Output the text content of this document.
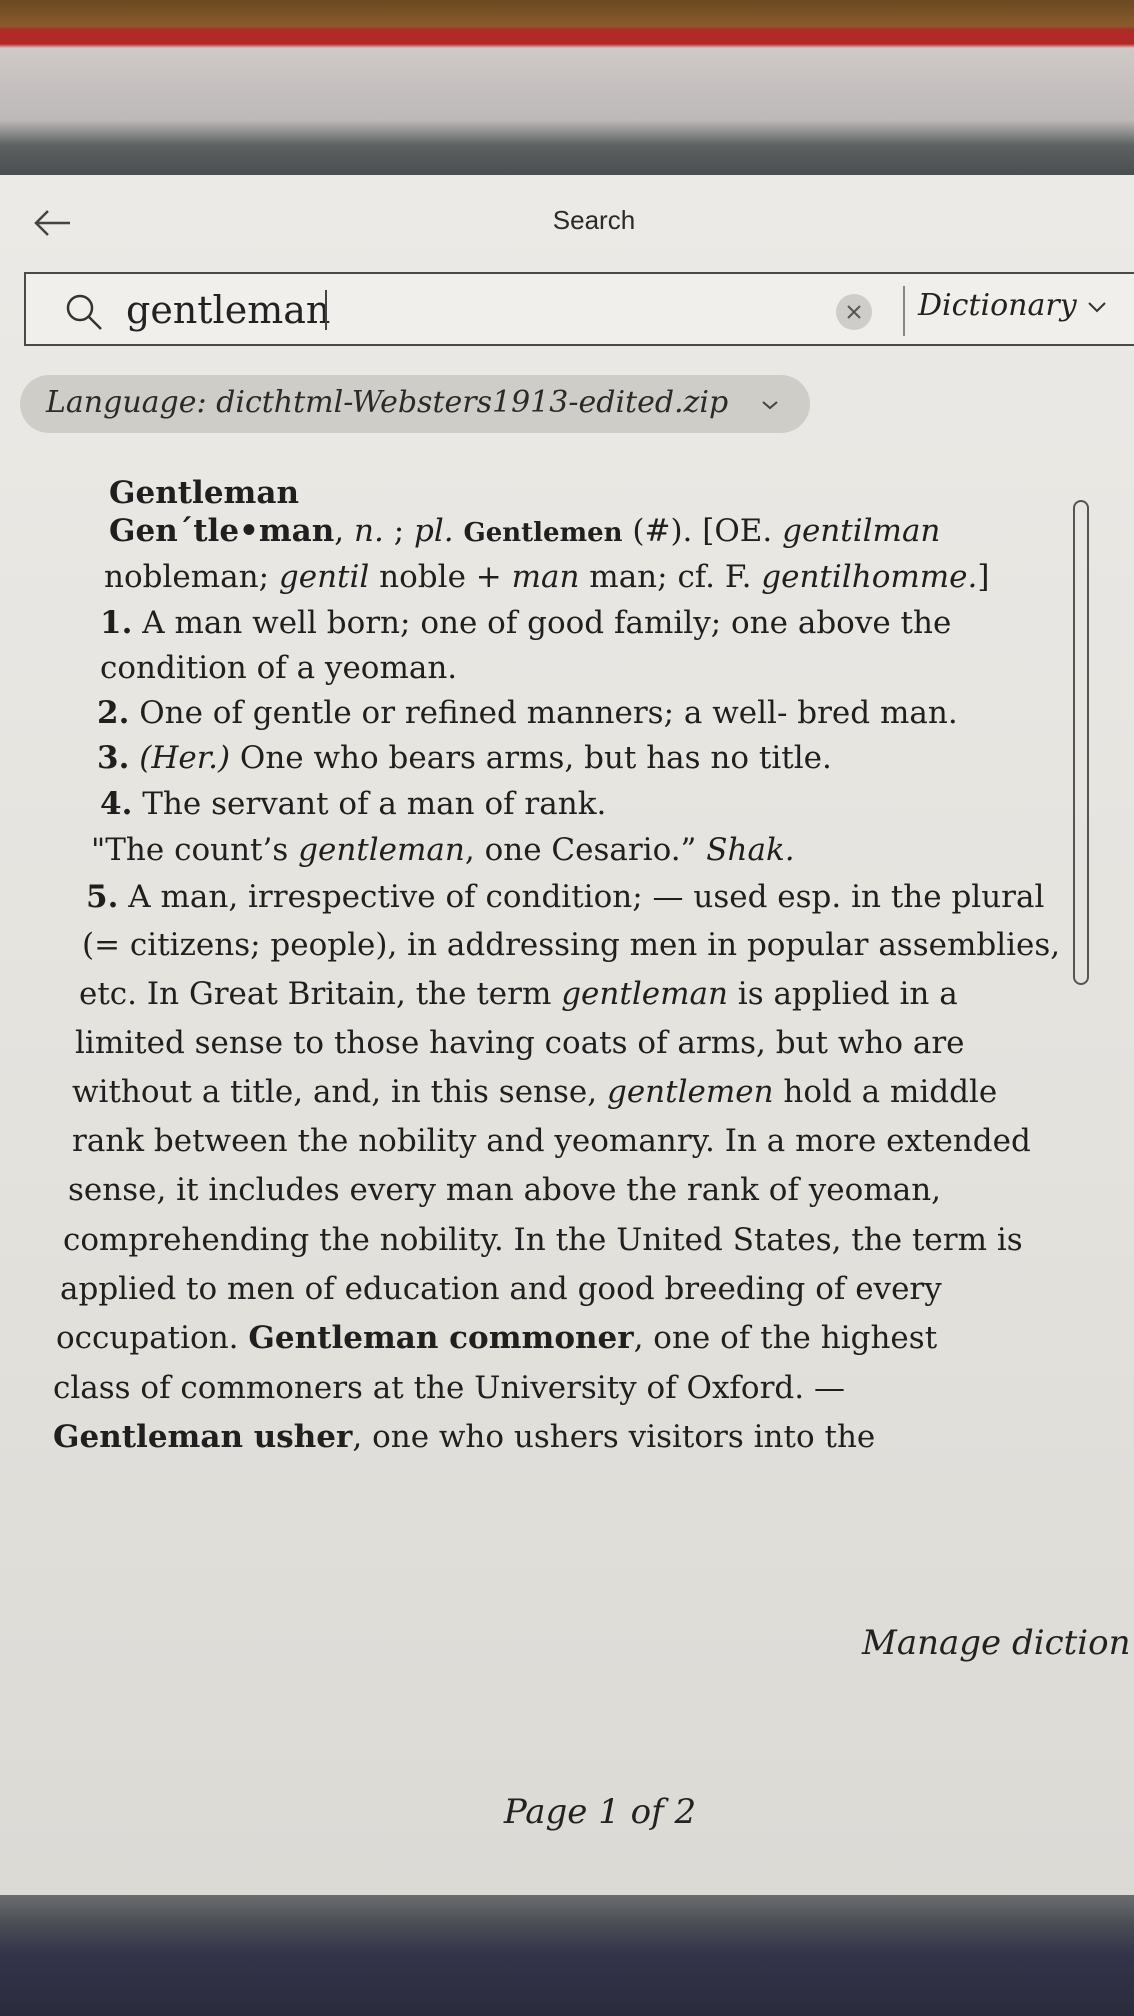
Search
gentleman
Dictionary
Language: dicthtml-Websters1913-edited.zip
Gentleman
Gen´tle•man, n. ; pl. Gentlemen (#). [OE. gentilman
nobleman; gentil noble + man man; cf. F. gentilhomme.]
1. A man well born; one of good family; one above the
condition of a yeoman.
2. One of gentle or refined manners; a well- bred man.
3. (Her.) One who bears arms, but has no title.
4. The servant of a man of rank.
"The count’s gentleman, one Cesario.” Shak.
5. A man, irrespective of condition; — used esp. in the plural
(= citizens; people), in addressing men in popular assemblies,
etc. In Great Britain, the term gentleman is applied in a
limited sense to those having coats of arms, but who are
without a title, and, in this sense, gentlemen hold a middle
rank between the nobility and yeomanry. In a more extended
sense, it includes every man above the rank of yeoman,
comprehending the nobility. In the United States, the term is
applied to men of education and good breeding of every
occupation. Gentleman commoner, one of the highest
class of commoners at the University of Oxford. —
Gentleman usher, one who ushers visitors into the
Manage diction
Page 1 of 2
